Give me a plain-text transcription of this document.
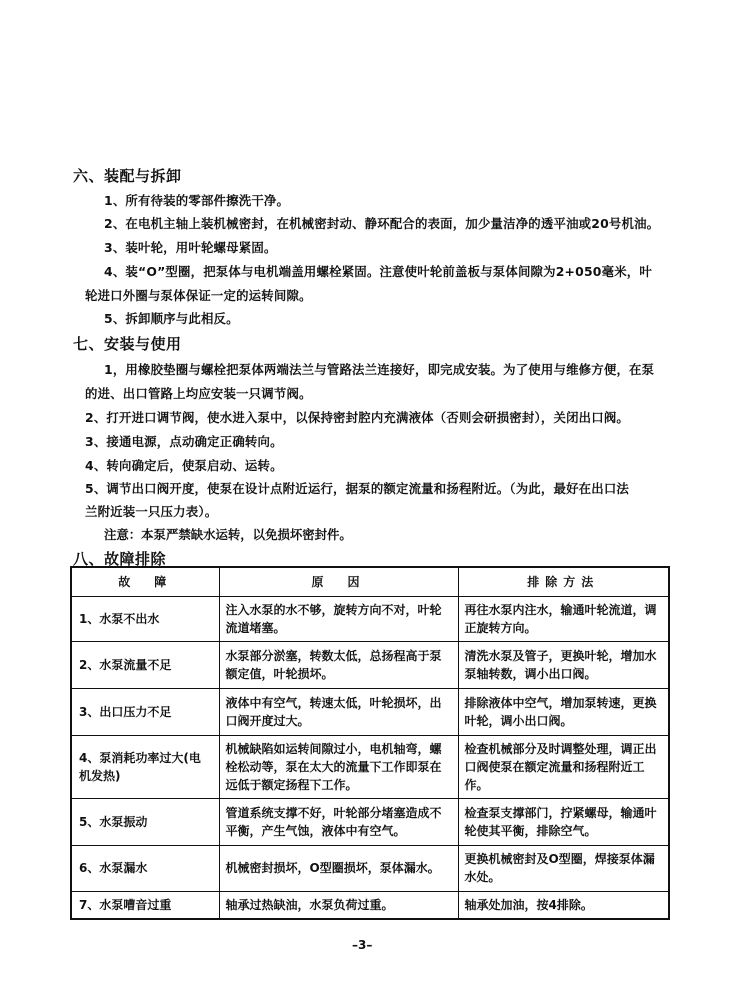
六、装配与拆卸
1、所有待装的零部件擦洗干净。
2、在电机主轴上装机械密封，在机械密封动、静环配合的表面，加少量洁净的透平油或20号机油。
3、装叶轮，用叶轮螺母紧固。
4、装“O”型圈，把泵体与电机端盖用螺栓紧固。注意使叶轮前盖板与泵体间隙为2+050毫米，叶
轮进口外圈与泵体保证一定的运转间隙。
5、拆卸顺序与此相反。
七、安装与使用
1，用橡胶垫圈与螺栓把泵体两端法兰与管路法兰连接好，即完成安装。为了使用与维修方便，在泵
的进、出口管路上均应安装一只调节阀。
2、打开进口调节阀，使水进入泵中，以保持密封腔内充满液体（否则会研损密封），关闭出口阀。
3、接通电源，点动确定正确转向。
4、转向确定后，使泵启动、运转。
5、调节出口阀开度，使泵在设计点附近运行，据泵的额定流量和扬程附近。（为此，最好在出口法
兰附近装一只压力表）。
注意：本泵严禁缺水运转，以免损坏密封件。
八、故障排除
故　障	原　因	排除方法
1、水泵不出水	注入水泵的水不够，旋转方向不对，叶轮流道堵塞。	再往水泵内注水，输通叶轮流道，调正旋转方向。
2、水泵流量不足	水泵部分淤塞，转数太低，总扬程高于泵额定值，叶轮损坏。	清洗水泵及管子，更换叶轮，增加水泵轴转数，调小出口阀。
3、出口压力不足	液体中有空气，转速太低，叶轮损坏，出口阀开度过大。	排除液体中空气，增加泵转速，更换叶轮，调小出口阀。
4、泵消耗功率过大(电机发热)	机械缺陷如运转间隙过小，电机轴弯，螺栓松动等，泵在太大的流量下工作即泵在远低于额定扬程下工作。	检查机械部分及时调整处理，调正出口阀使泵在额定流量和扬程附近工作。
5、水泵振动	管道系统支撑不好，叶轮部分堵塞造成不平衡，产生气蚀，液体中有空气。	检查泵支撑部门，拧紧螺母，输通叶轮使其平衡，排除空气。
6、水泵漏水	机械密封损坏，O型圈损坏，泵体漏水。	更换机械密封及O型圈，焊接泵体漏水处。
7、水泵嘈音过重	轴承过热缺油，水泵负荷过重。	轴承处加油，按4排除。
–3–
